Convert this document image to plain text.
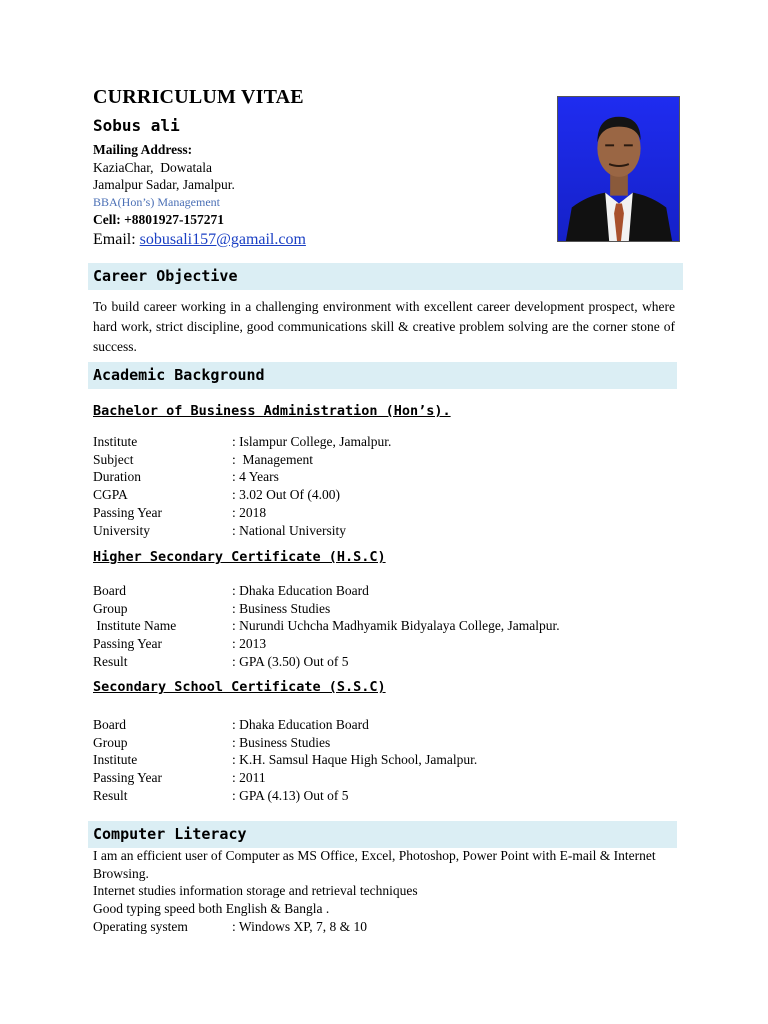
CURRICULUM VITAE
Sobus ali
Mailing Address:
KaziaChar,  Dowatala
Jamalpur Sadar, Jamalpur.
BBA(Hon’s) Management
Cell: +8801927-157271
Email: sobusali157@gamail.com
Career Objective
To build career working in a challenging environment with excellent career development prospect, where hard work, strict discipline, good communications skill & creative problem solving are the corner stone of success.
Academic Background
Bachelor of Business Administration (Hon’s).
Institute	: Islampur College, Jamalpur.
Subject	:  Management
Duration	: 4 Years
CGPA	: 3.02 Out Of (4.00)
Passing Year	: 2018
University	: National University
Higher Secondary Certificate (H.S.C)
Board	: Dhaka Education Board
Group	: Business Studies
Institute Name	: Nurundi Uchcha Madhyamik Bidyalaya College, Jamalpur.
Passing Year	: 2013
Result	: GPA (3.50) Out of 5
Secondary School Certificate (S.S.C)
Board	: Dhaka Education Board
Group	: Business Studies
Institute	: K.H. Samsul Haque High School, Jamalpur.
Passing Year	: 2011
Result	: GPA (4.13) Out of 5
Computer Literacy
I am an efficient user of Computer as MS Office, Excel, Photoshop, Power Point with E-mail & Internet Browsing.
Internet studies information storage and retrieval techniques
Good typing speed both English & Bangla .
Operating system	: Windows XP, 7, 8 & 10
